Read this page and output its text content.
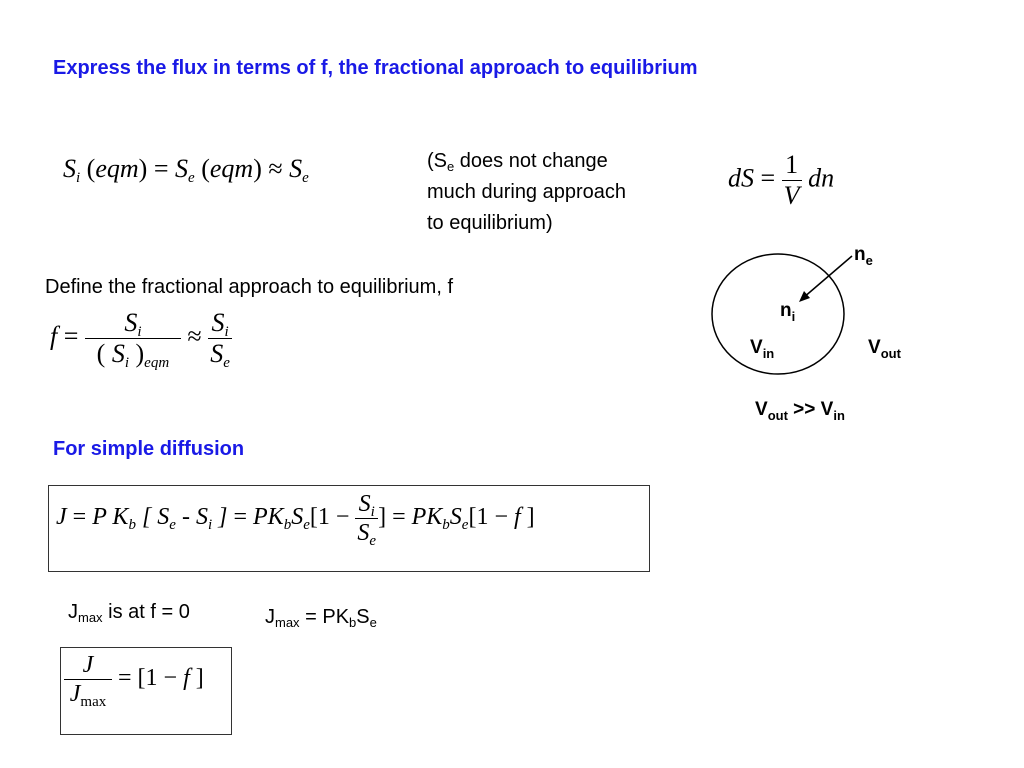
Express the flux in terms of f, the fractional approach to equilibrium
$S_i$ $(eqm) = S_e$ $(eqm) \approx S_e$
($S_e$ does not change
much during approach
to equilibrium)
dS = $\frac{1}{V}$ dn
Define the fractional approach to equilibrium, f
$f = \frac{S_i}{( S_i )_{eqm}} \approx \frac{S_i}{S_e}$
$n_e$
$n_i$
$V_{in}$	$V_{out}$
$V_{out} >> V_{in}$
For simple diffusion
J = P $K_b$ [ $S_e - S_i$ ] = $PK_bS_e[1 - \frac{S_i}{S_e}$ ] = $PK_bS_e[1 - f$ ]
$J_{max}$ is at f = 0	$J_{max} = PK_bS_e$
$\frac{J}{J_{max}} = [1 - f$ ]
